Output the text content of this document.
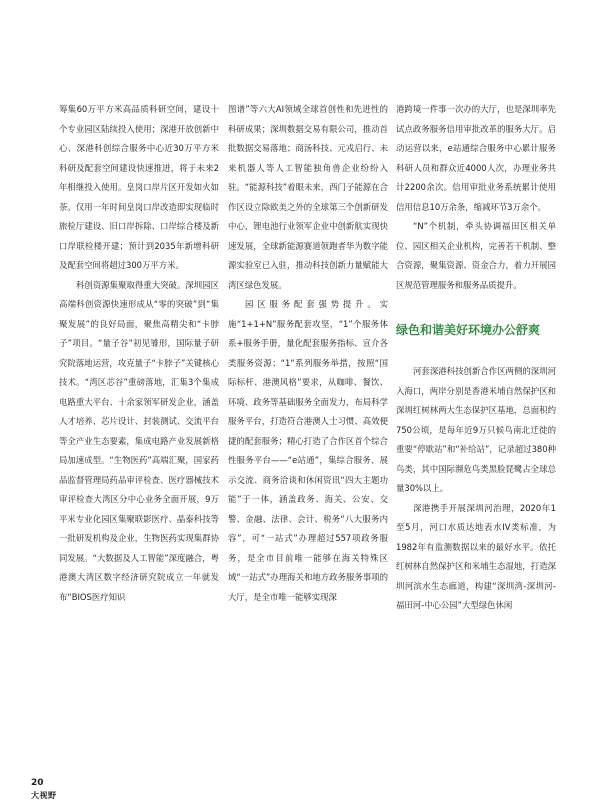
筹集60万平方米高品质科研空间，建设十个专业园区陆续投入使用；深港开放创新中心、深港科创综合服务中心近30万平方米科研及配套空间建设快速推进，将于未来2年相继投入使用。皇岗口岸片区开发如火如荼。仅用一年时间皇岗口岸改造即实现临时旅检厅建设、旧口岸拆除、口岸综合楼及新口岸联检楼开建；预计到2035年新增科研及配套空间将超过300万平方米。

科创资源集聚取得重大突破。深圳园区高端科创资源快速形成从“零的突破”到“集聚发展”的良好局面，聚焦高精尖和“卡脖子”项目。“量子谷”初见雏形，国际量子研究院落地运营，攻克量子“卡脖子”关键核心技术。“湾区芯谷”重磅落地，汇集3个集成电路重大平台、十余家领军研发企业，涵盖人才培养、芯片设计、封装测试、交流平台等全产业生态要素，集成电路产业发展新格局加速成型。“生物医药”高端汇聚，国家药品监督管理局药品审评检查、医疗器械技术审评检查大湾区分中心业务全面开展，9万平米专业化园区集聚联影医疗、晶泰科技等一批研发机构及企业，生物医药实现集群协同发展。“大数据及人工智能”深度融合，粤港澳大湾区数字经济研究院成立一年就发布“BIOS医疗知识

图谱”等六大AI领域全球首创性和先进性的科研成果；深圳数据交易有限公司，推动首批数据交易落地；商汤科技、元戎启行、未来机器人等人工智能独角兽企业纷纷入驻。“能源科技”着眼未来，西门子能源在合作区设立除欧美之外的全球第三个创新研发中心，锂电池行业领军企业中创新航实现快速发展，全球新能源赛道领跑者华为数字能源实验室已入驻，推动科技创新力量赋能大湾区绿色发展。

园区服务配套强势提升。实施“1+1+N”服务配套攻坚，“1”个服务体系+服务手册，量化配套服务指标、宣介各类服务资源；“1”系列服务举措，按照“国际标杆、港澳风格”要求，从咖啡、餐饮、环境、政务等基础服务全面发力，布局科学服务平台，打造符合港澳人士习惯、高效便捷的配套服务；精心打造了合作区首个综合性服务平台——“e站通”，集综合服务、展示交流、商务洽谈和休闲资讯“四大主题功能”于一体，涵盖政务、海关、公安、交警、金融、法律、会计、税务“八大服务内容”，可“一站式”办理超过557项政务服务，是全市目前唯一能够在海关特殊区域“一站式”办理海关和地方政务服务事项的大厅，是全市唯一能够实现深

港跨境一件事一次办的大厅，也是深圳率先试点政务服务信用审批改革的服务大厅。启动运营以来，e站通综合服务中心累计服务科研人员和群众近4000人次，办理业务共计2200余次。信用审批业务系统累计使用信用信息10万余条，缩减环节3万余个。

“N”个机制，牵头协调福田区相关单位、园区相关企业机构，完善若干机制、整合资源，聚集资源、资金合力，着力开展园区规范管理服务和服务品质提升。

绿色和谐美好环境办公舒爽

河套深港科技创新合作区两侧的深圳河入海口，两岸分别是香港米埔自然保护区和深圳红树林两大生态保护区基地，总面积约750公顷，是每年近9万只候鸟南北迁徙的重要“停歇站”和“补给站”，记录超过380种鸟类，其中国际濒危鸟类黑脸琵鹭占全球总量30%以上。

深港携手开展深圳河治理，2020年1至5月，河口水质达地表水IV类标准，为1982年有监测数据以来的最好水平。依托红树林自然保护区和米埔生态湿地，打造深圳河滨水生态廊道，构建“深圳湾-深圳河-福田河-中心公园”大型绿色休闲

20
大视野
